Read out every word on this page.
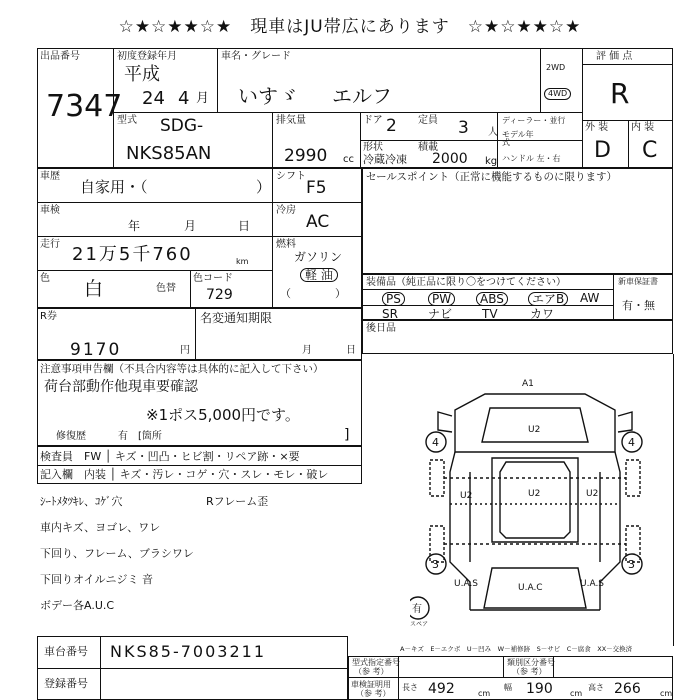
☆★☆★★☆★　現車はJU帯広にあります　☆★☆★★☆★
出品番号
7347
初度登録年月
平成
24 4 月
車名・グレード
いすゞ エルフ
2WD
4WD
評 価 点
R
外 装 内 装
D C
型式 SDG-
NKS85AN
排気量
2990 cc
ドア 2 定員 3 人
ディーラー・並行
モデル年式
ハンドル 左・右
形状
冷蔵冷凍
積載
2000 kg
車歴
自家用・（	）
シフト
F5
車検
年	月	日
冷房
AC
走行 21万5千760	km
燃料
ガソリン
軽 油
（　　　　）
色 白	色替
色コード
729
R券
9170	円
名変通知期限
月	日
セールスポイント（正常に機能するものに限ります）
装備品（純正品に限り〇をつけてください）	新車保証書
有・無
PS	PW	ABS	エアB	AW
SR	ナビ TV	カワ
後日品
注意事項申告欄（不具合内容等は具体的に記入して下さい）
荷台部動作他現車要確認
※1ポス5,000円です。
修復歴	有　[箇所	]
検査員
記入欄
FW │ キズ・凹凸・ヒビ割・リペア跡・×要
内装 │ キズ・汚レ・コゲ・穴・スレ・モレ・破レ
ｼｰﾄﾒﾀﾂｷﾚ、ｺｹﾞ穴	Rフレーム歪
車内キズ、ヨゴレ、ワレ
下回り、フレーム、ブラシワレ
下回りオイルニジミ 音
ボデー各A.U.C
A1
U2
U2	U2	U2
U.A.S	U.A.C	U.A.S
4	4
3	3
有
スペア
車台番号 NKS85-7003211
登録番号
A－キズ　E－エクボ　U－凹み　W－補修跡　S－サビ　C－腐食　XX－交換済
型式指定番号
（参 考）
類別区分番号
（参 考）
車検証明用
（参 考）
長さ 492	cm
幅 190 cm
高さ 266 cm
